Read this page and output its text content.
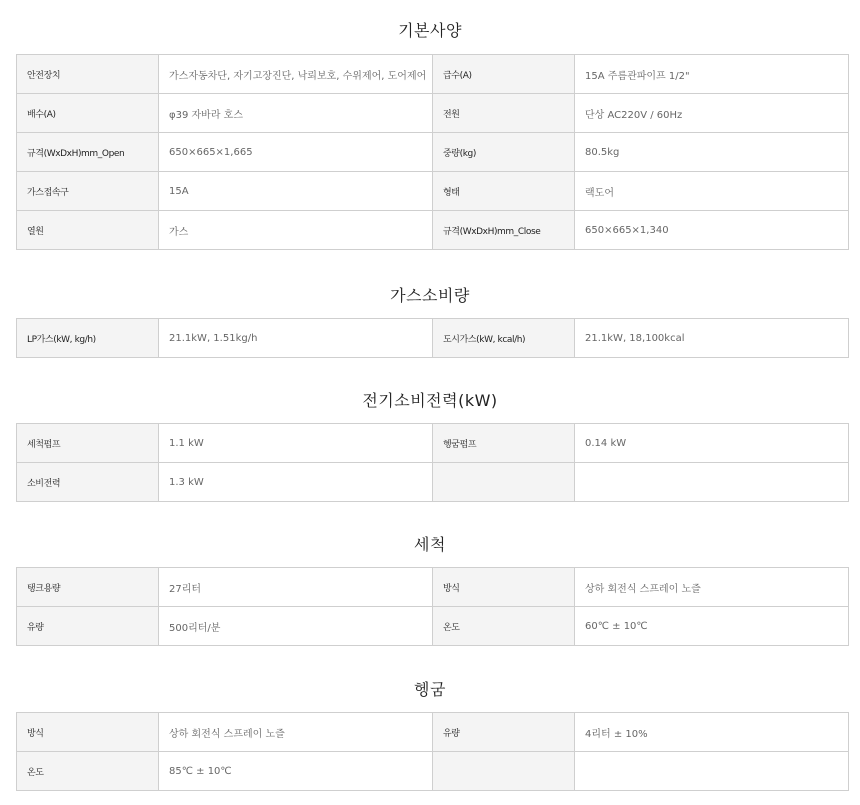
기본사양
안전장치	가스자동차단, 자기고장진단, 낙뢰보호, 수위제어, 도어제어	급수(A)	15A 주름관파이프 1/2"
배수(A)	φ39 자바라 호스	전원	단상 AC220V / 60Hz
규격(WxDxH)mm_Open	650×665×1,665	중량(kg)	80.5kg
가스접속구	15A	형태	랙도어
열원	가스	규격(WxDxH)mm_Close	650×665×1,340
가스소비량
LP가스(kW, kg/h)	21.1kW, 1.51kg/h	도시가스(kW, kcal/h)	21.1kW, 18,100kcal
전기소비전력(kW)
세척펌프	1.1 kW	헹굼펌프	0.14 kW
소비전력	1.3 kW		
세척
탱크용량	27리터	방식	상하 회전식 스프레이 노즐
유량	500리터/분	온도	60℃ ± 10℃
헹굼
방식	상하 회전식 스프레이 노즐	유량	4리터 ± 10%
온도	85℃ ± 10℃		
